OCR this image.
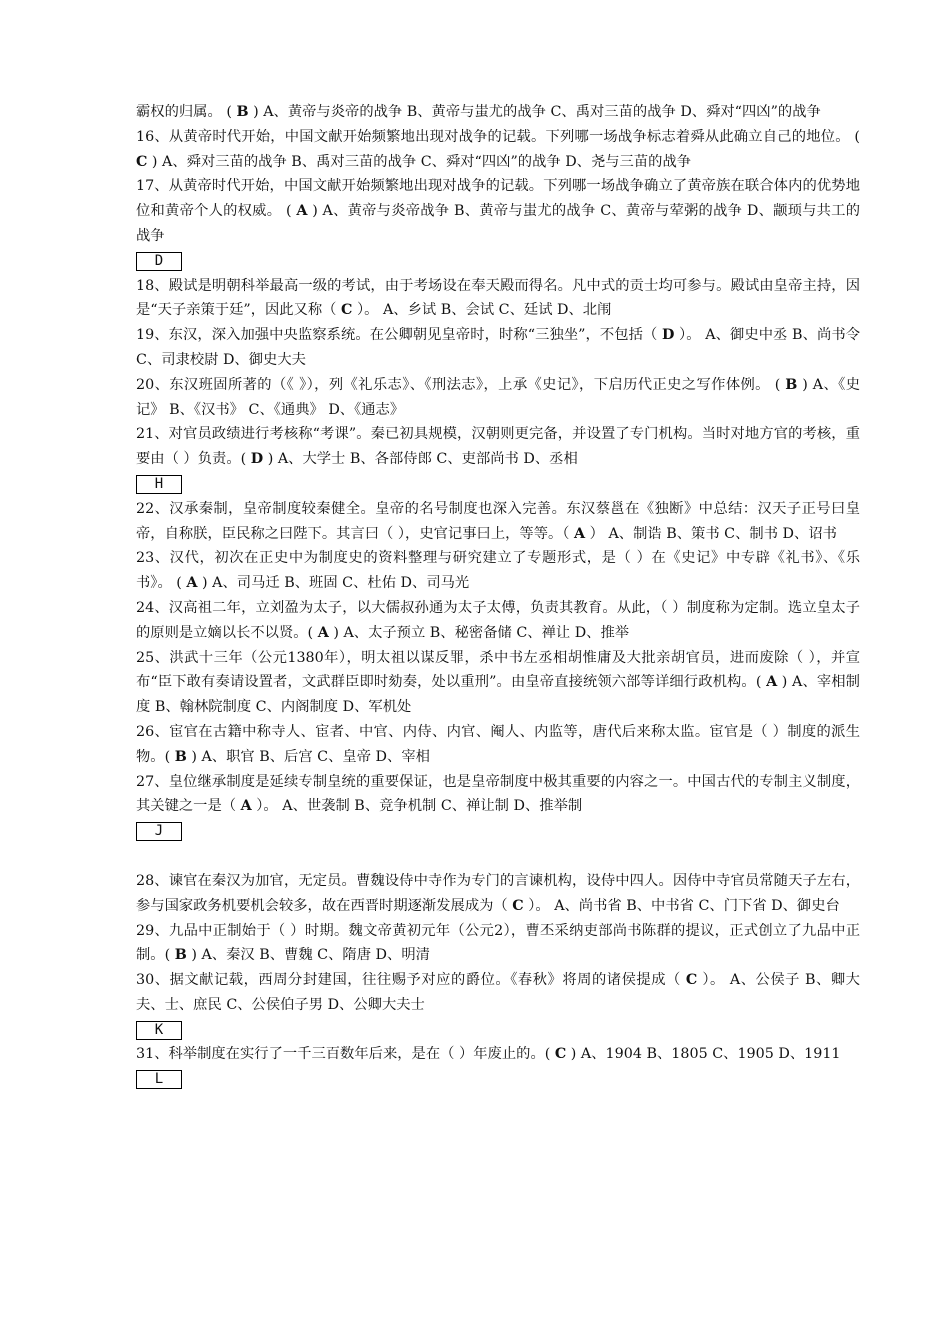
霸权的归属。 ( B ) A、黄帝与炎帝的战争 B、黄帝与蚩尤的战争 C、禹对三苗的战争 D、舜对“四凶”的战争

16、从黄帝时代开始，中国文献开始频繁地出现对战争的记载。下列哪一场战争标志着舜从此确立自己的地位。 ( C ) A、舜对三苗的战争 B、禹对三苗的战争 C、舜对“四凶”的战争 D、尧与三苗的战争

17、从黄帝时代开始，中国文献开始频繁地出现对战争的记载。下列哪一场战争确立了黄帝族在联合体内的优势地位和黄帝个人的权威。 ( A ) A、黄帝与炎帝战争 B、黄帝与蚩尤的战争 C、黄帝与荤粥的战争 D、颛顼与共工的战争

D

18、殿试是明朝科举最高一级的考试，由于考场设在奉天殿而得名。凡中式的贡士均可参与。殿试由皇帝主持，因是“天子亲策于廷”，因此又称（ C ）。 A、乡试 B、会试 C、廷试 D、北闱

19、东汉，深入加强中央监察系统。在公卿朝见皇帝时，时称“三独坐”，不包括（ D ）。 A、御史中丞 B、尚书令 C、司隶校尉 D、御史大夫

20、东汉班固所著的（《 》），列《礼乐志》、《刑法志》，上承《史记》，下启历代正史之写作体例。 ( B ) A、《史记》 B、《汉书》 C、《通典》 D、《通志》

21、对官员政绩进行考核称“考课”。秦已初具规模，汉朝则更完备，并设置了专门机构。当时对地方官的考核，重要由（ ）负责。( D ) A、大学士 B、各部侍郎 C、吏部尚书 D、丞相

H

22、汉承秦制，皇帝制度较秦健全。皇帝的名号制度也深入完善。东汉蔡邕在《独断》中总结：汉天子正号曰皇帝，自称朕，臣民称之曰陛下。其言曰（ ），史官记事曰上，等等。（ A ） A、制诰 B、策书 C、制书 D、诏书

23、汉代，初次在正史中为制度史的资料整理与研究建立了专题形式，是（ ）在《史记》中专辟《礼书》、《乐书》。 ( A ) A、司马迁 B、班固 C、杜佑 D、司马光

24、汉高祖二年，立刘盈为太子，以大儒叔孙通为太子太傅，负责其教育。从此，（ ）制度称为定制。选立皇太子的原则是立嫡以长不以贤。( A ) A、太子预立 B、秘密备储 C、禅让 D、推举

25、洪武十三年（公元1380年），明太祖以谋反罪，杀中书左丞相胡惟庸及大批亲胡官员，进而废除（ ），并宣布“臣下敢有奏请设置者，文武群臣即时劾奏，处以重刑”。由皇帝直接统领六部等详细行政机构。( A ) A、宰相制度 B、翰林院制度 C、内阁制度 D、军机处

26、宦官在古籍中称寺人、宦者、中官、内侍、内官、阉人、内监等，唐代后来称太监。宦官是（ ）制度的派生物。( B ) A、职官 B、后宫 C、皇帝 D、宰相

27、皇位继承制度是延续专制皇统的重要保证，也是皇帝制度中极其重要的内容之一。中国古代的专制主义制度，其关键之一是（ A ）。 A、世袭制 B、竞争机制 C、禅让制 D、推举制

J

28、谏官在秦汉为加官，无定员。曹魏设侍中寺作为专门的言谏机构，设侍中四人。因侍中寺官员常随天子左右，参与国家政务机要机会较多，故在西晋时期逐渐发展成为（ C ）。 A、尚书省 B、中书省 C、门下省 D、御史台

29、九品中正制始于（ ）时期。魏文帝黄初元年（公元2），曹丕采纳吏部尚书陈群的提议，正式创立了九品中正制。( B ) A、秦汉 B、曹魏 C、隋唐 D、明清

30、据文献记载，西周分封建国，往往赐予对应的爵位。《春秋》将周的诸侯提成（ C ）。 A、公侯子 B、卿大夫、士、庶民 C、公侯伯子男 D、公卿大夫士

K

31、科举制度在实行了一千三百数年后来，是在（ ）年废止的。( C ) A、1904 B、1805 C、1905 D、1911

L
